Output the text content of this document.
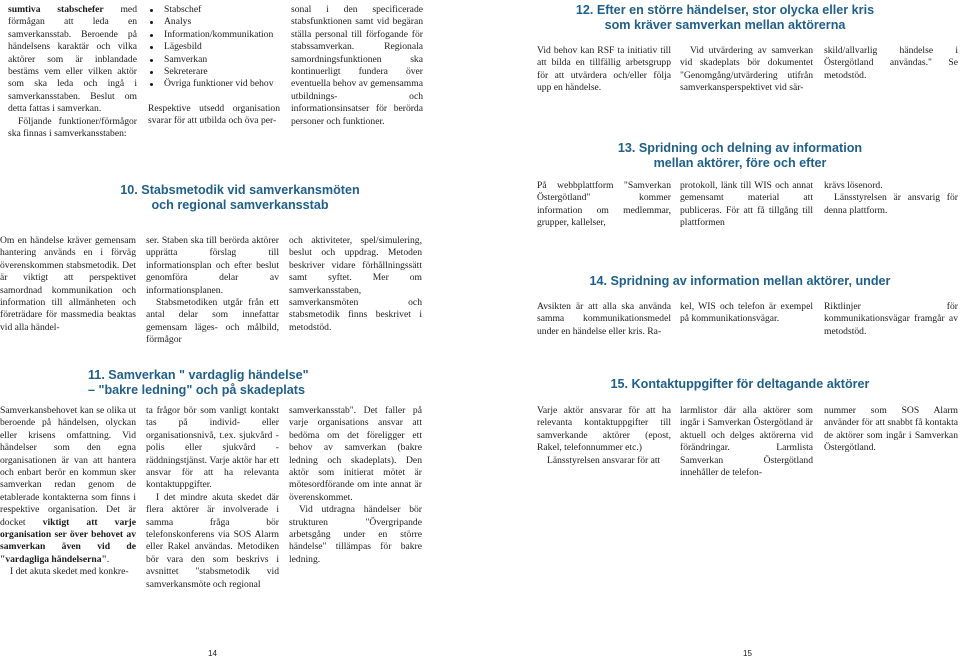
sumtiva stabschefer med förmågan att leda en samverkansstab. Beroende på händelsens karaktär och vilka aktörer som är inblandade bestäms vem eller vilken aktör som ska leda och ingå i samverkansstaben. Beslut om detta fattas i samverkan.

Följande funktioner/förmågor ska finnas i samverkansstaben:

Stabschef
Analys
Information/kommunikation
Lägesbild
Samverkan
Sekreterare
Övriga funktioner vid behov

Respektive utsedd organisation svarar för att utbilda och öva per-

sonal i den specificerade stabsfunktionen samt vid begäran ställa personal till förfogande för stabssamverkan. Regionala samordningsfunktionen ska kontinuerligt fundera över eventuella behov av gemensamma utbildnings- och informationsinsatser för berörda personer och funktioner.

10. Stabsmetodik vid samverkansmöten
och regional samverkansstab

Om en händelse kräver gemensam hantering används en i förväg överenskommen stabsmetodik. Det är viktigt att perspektivet samordnad kommunikation och information till allmänheten och företrädare för massmedia beaktas vid alla händel-

ser. Staben ska till berörda aktörer upprätta förslag till informationsplan och efter beslut genomföra delar av informationsplanen.

Stabsmetodiken utgår från ett antal delar som innefattar gemensam läges- och målbild, förmågor

och aktiviteter, spel/simulering, beslut och uppdrag. Metoden beskriver vidare förhållningssätt samt syftet. Mer om samverkansstaben, samverkansmöten och stabsmetodik finns beskrivet i metodstöd.

11. Samverkan " vardaglig händelse"
– "bakre ledning" och på skadeplats

Samverkansbehovet kan se olika ut beroende på händelsen, olyckan eller krisens omfattning. Vid händelser som den egna organisationen är van att hantera och enbart berör en kommun sker samverkan redan genom de etablerade kontakterna som finns i respektive organisation. Det är docket viktigt att varje organisation ser över behovet av samverkan även vid de "vardagliga händelserna".

I det akuta skedet med konkre-

ta frågor bör som vanligt kontakt tas på individ- eller organisationsnivå, t.ex. sjukvård - polis eller sjukvård - räddningstjänst. Varje aktör har ett ansvar för att ha relevanta kontaktuppgifter.

I det mindre akuta skedet där flera aktörer är involverade i samma fråga bör telefonskonferens via SOS Alarm eller Rakel användas. Metodiken bör vara den som beskrivs i avsnittet "stabsmetodik vid samverkansmöte och regional

samverkansstab". Det faller på varje organisations ansvar att bedöma om det föreligger ett behov av samverkan (bakre ledning och skadeplats). Den aktör som initierat mötet är mötesordförande om inte annat är överenskommet.

Vid utdragna händelser bör strukturen "Övergripande arbetsgång under en större händelse" tillämpas för bakre ledning.

14
12. Efter en större händelser, stor olycka eller kris
som kräver samverkan mellan aktörerna

Vid behov kan RSF ta initiativ till att bilda en tillfällig arbetsgrupp för att utvärdera och/eller följa upp en händelse.

Vid utvärdering av samverkan vid skadeplats bör dokumentet "Genomgång/utvärdering utifrån samverkansperspektivet vid sär-

skild/allvarlig händelse i Östergötland användas." Se metodstöd.

13. Spridning och delning av information
mellan aktörer, före och efter

På webbplattform "Samverkan Östergötland" kommer information om medlemmar, grupper, kallelser,

protokoll, länk till WIS och annat gemensamt material att publiceras. För att få tillgång till plattformen

krävs lösenord.

Länsstyrelsen är ansvarig för denna plattform.

14. Spridning av information mellan aktörer, under

Avsikten är att alla ska använda samma kommunikationsmedel under en händelse eller kris. Ra-

kel, WIS och telefon är exempel på kommunikationsvägar.

Riktlinjer för kommunikationsvägar framgår av metodstöd.

15. Kontaktuppgifter för deltagande aktörer

Varje aktör ansvarar för att ha relevanta kontaktuppgifter till samverkande aktörer (epost, Rakel, telefonnummer etc.)

Länsstyrelsen ansvarar för att

larmlistor där alla aktörer som ingår i Samverkan Östergötland är aktuell och delges aktörerna vid förändringar. Larmlista Samverkan Östergötland innehåller de telefon-

nummer som SOS Alarm använder för att snabbt få kontakta de aktörer som ingår i Samverkan Östergötland.

15
